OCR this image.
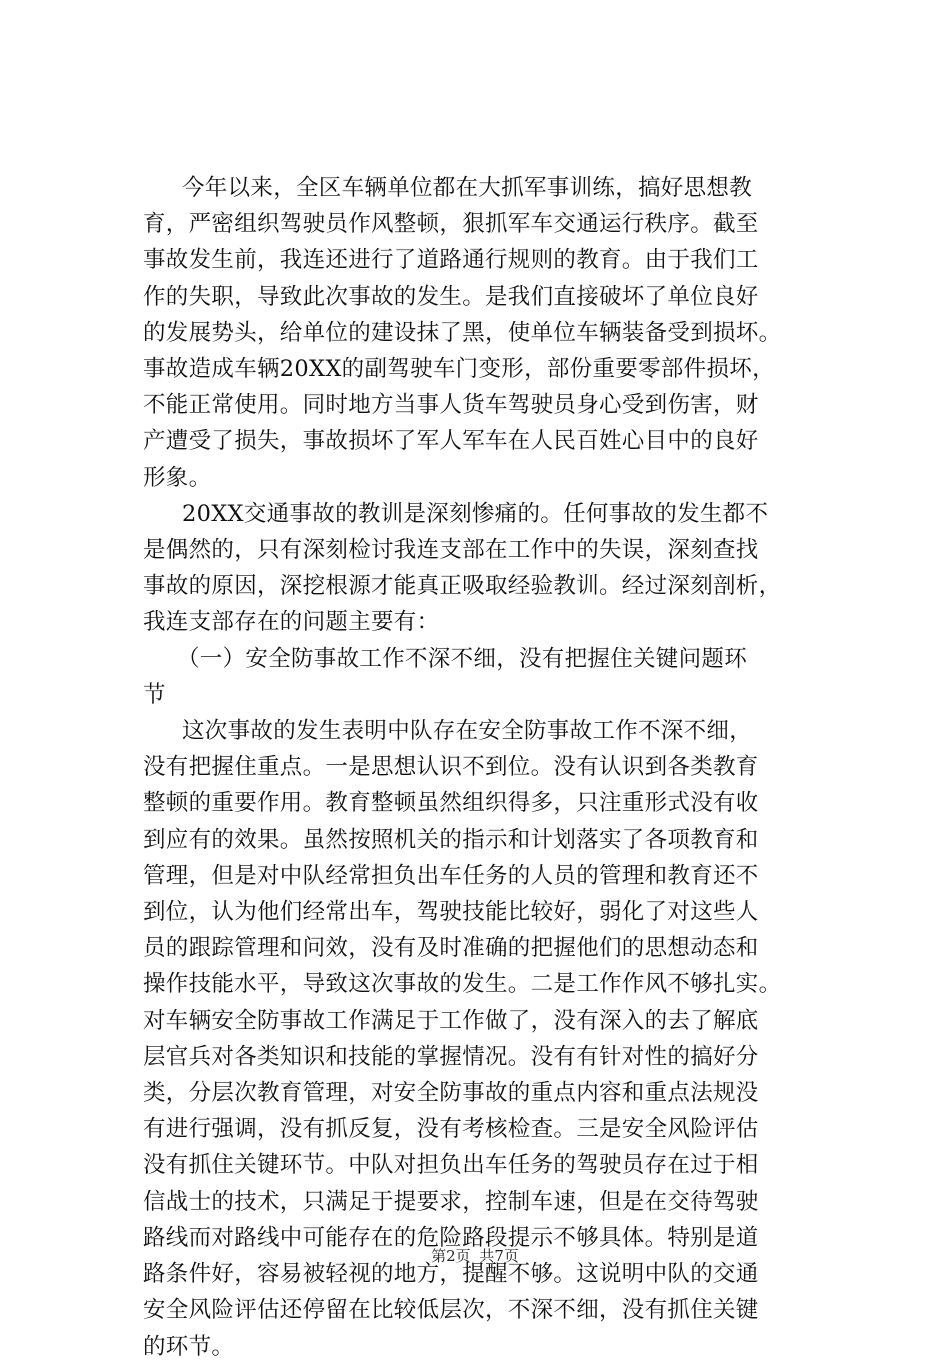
今年以来，全区车辆单位都在大抓军事训练，搞好思想教
育，严密组织驾驶员作风整顿，狠抓军车交通运行秩序。截至
事故发生前，我连还进行了道路通行规则的教育。由于我们工
作的失职，导致此次事故的发生。是我们直接破坏了单位良好
的发展势头，给单位的建设抹了黑，使单位车辆装备受到损坏。
事故造成车辆20XX的副驾驶车门变形，部份重要零部件损坏，
不能正常使用。同时地方当事人货车驾驶员身心受到伤害，财
产遭受了损失，事故损坏了军人军车在人民百姓心目中的良好
形象。

20XX交通事故的教训是深刻惨痛的。任何事故的发生都不
是偶然的，只有深刻检讨我连支部在工作中的失误，深刻查找
事故的原因，深挖根源才能真正吸取经验教训。经过深刻剖析，
我连支部存在的问题主要有：

（一）安全防事故工作不深不细，没有把握住关键问题环
节

这次事故的发生表明中队存在安全防事故工作不深不细，
没有把握住重点。一是思想认识不到位。没有认识到各类教育
整顿的重要作用。教育整顿虽然组织得多，只注重形式没有收
到应有的效果。虽然按照机关的指示和计划落实了各项教育和
管理，但是对中队经常担负出车任务的人员的管理和教育还不
到位，认为他们经常出车，驾驶技能比较好，弱化了对这些人
员的跟踪管理和问效，没有及时准确的把握他们的思想动态和
操作技能水平，导致这次事故的发生。二是工作作风不够扎实。
对车辆安全防事故工作满足于工作做了，没有深入的去了解底
层官兵对各类知识和技能的掌握情况。没有有针对性的搞好分
类，分层次教育管理，对安全防事故的重点内容和重点法规没
有进行强调，没有抓反复，没有考核检查。三是安全风险评估
没有抓住关键环节。中队对担负出车任务的驾驶员存在过于相
信战士的技术，只满足于提要求，控制车速，但是在交待驾驶
路线而对路线中可能存在的危险路段提示不够具体。特别是道
路条件好，容易被轻视的地方，提醒不够。这说明中队的交通
安全风险评估还停留在比较低层次，不深不细，没有抓住关键
的环节。

第2页 共7页
